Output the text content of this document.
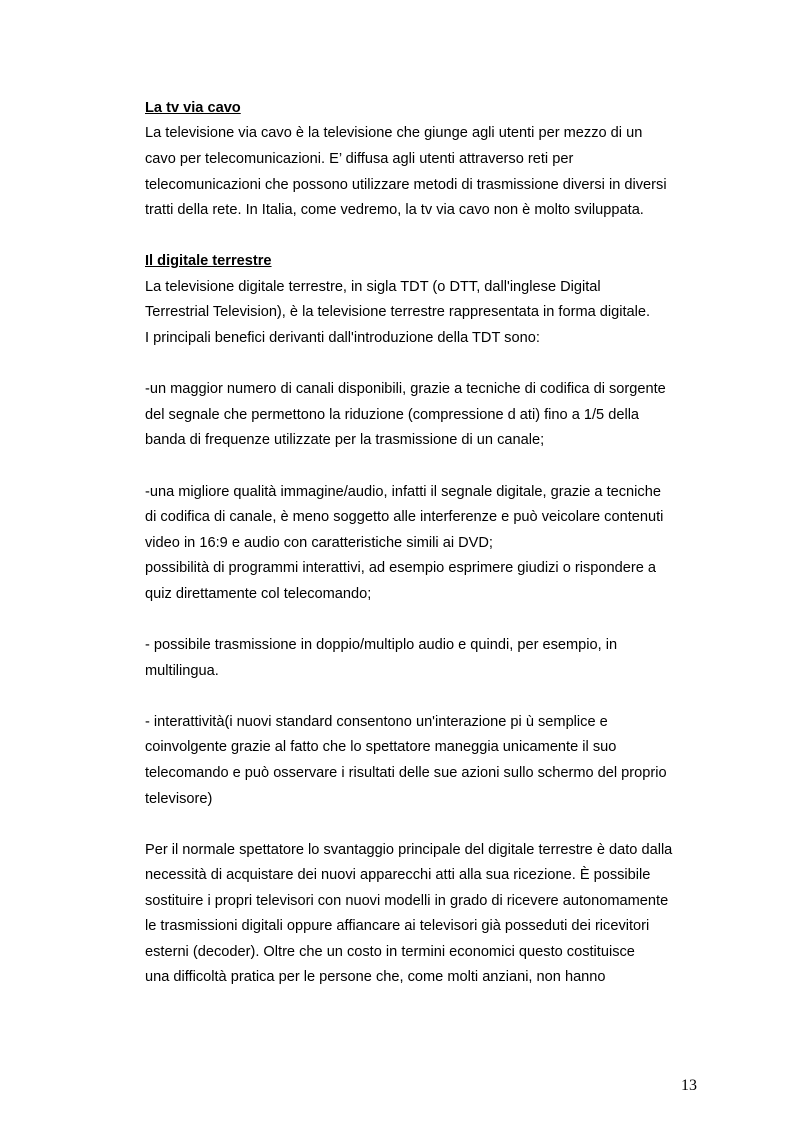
La tv via cavo
La televisione via cavo è la televisione che giunge agli utenti per mezzo di un
cavo per telecomunicazioni. E’ diffusa agli utenti attraverso reti per
telecomunicazioni che possono utilizzare metodi di trasmissione diversi in diversi
tratti della rete. In Italia, come vedremo, la tv via cavo non è molto sviluppata.
Il digitale terrestre
La televisione digitale terrestre, in sigla TDT (o DTT, dall'inglese Digital
Terrestrial Television), è la televisione terrestre rappresentata in forma digitale.
I principali benefici derivanti dall'introduzione della TDT sono:
-un maggior numero di canali disponibili, grazie a tecniche di codifica di sorgente
del segnale che permettono la riduzione (compressione d ati) fino a 1/5 della
banda di frequenze utilizzate per la trasmissione di un canale;
-una migliore qualità immagine/audio, infatti il segnale digitale, grazie a tecniche
di codifica di canale, è meno soggetto alle interferenze e può veicolare contenuti
video in 16:9 e audio con caratteristiche simili ai DVD;
possibilità di programmi interattivi, ad esempio esprimere giudizi o rispondere a
quiz direttamente col telecomando;
- possibile trasmissione in doppio/multiplo audio e quindi, per esempio, in
multilingua.
- interattività(i nuovi standard consentono un'interazione pi ù semplice e
coinvolgente grazie al fatto che lo spettatore maneggia unicamente il suo
telecomando e può osservare i risultati delle sue azioni sullo schermo del proprio
televisore)
Per il normale spettatore lo svantaggio principale del digitale terrestre è dato dalla
necessità di acquistare dei nuovi apparecchi atti alla sua ricezione. È possibile
sostituire i propri televisori con nuovi modelli in grado di ricevere autonomamente
le trasmissioni digitali oppure affiancare ai televisori già posseduti dei ricevitori
esterni (decoder). Oltre che un costo in termini economici questo costituisce
una difficoltà pratica per le persone che, come molti anziani, non hanno
13
